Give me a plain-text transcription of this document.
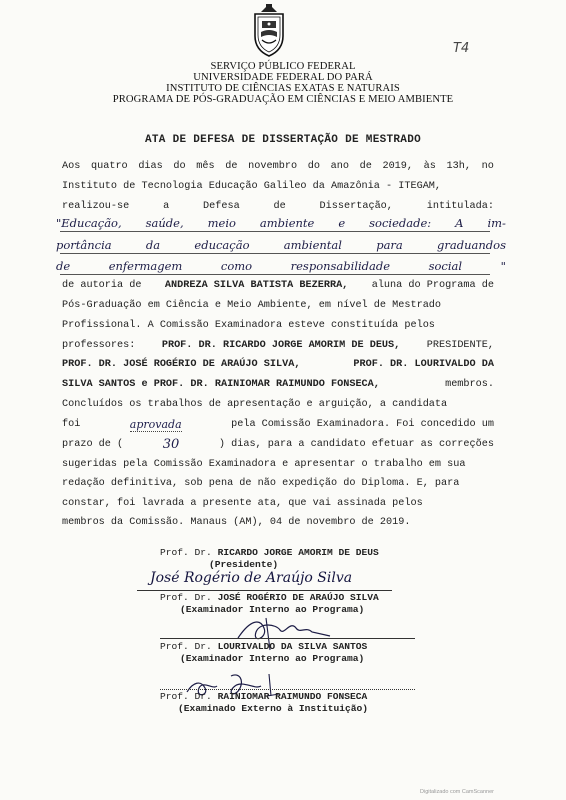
T4
SERVIÇO PÚBLICO FEDERAL
UNIVERSIDADE FEDERAL DO PARÁ
INSTITUTO DE CIÊNCIAS EXATAS E NATURAIS
PROGRAMA DE PÓS-GRADUAÇÃO EM CIÊNCIAS E MEIO AMBIENTE
ATA DE DEFESA DE DISSERTAÇÃO DE MESTRADO
Aos quatro dias do mês de novembro do ano de 2019, às 13h, no
Instituto de Tecnologia Educação Galileo da Amazônia - ITEGAM,
realizou-se	a	Defesa	de	Dissertação,	intitulada:
"Educação, saúde, meio ambiente e sociedade: A im-
portância	da	educação	ambiental	para	graduandos
de	enfermagem	como	responsabilidade	social	"
de autoria de ANDREZA SILVA BATISTA BEZERRA, aluna do Programa de
Pós-Graduação em Ciência e Meio Ambiente, em nível de Mestrado
Profissional. A Comissão Examinadora esteve constituída pelos
professores:	PROF. DR. RICARDO JORGE AMORIM DE DEUS,	PRESIDENTE,
PROF. DR. JOSÉ ROGÉRIO DE ARAÚJO SILVA,	PROF. DR. LOURIVALDO DA
SILVA SANTOS e PROF. DR. RAINIOMAR RAIMUNDO FONSECA,	membros.
Concluídos os trabalhos de apresentação e arguição, a candidata
foi	aprovada	pela Comissão Examinadora. Foi concedido um
prazo de (	30	) dias, para a candidato efetuar as correções
sugeridas pela Comissão Examinadora e apresentar o trabalho em sua
redação definitiva, sob pena de não expedição do Diploma. E, para
constar, foi lavrada a presente ata, que vai assinada pelos
membros da Comissão. Manaus (AM), 04 de novembro de 2019.
Prof. Dr. RICARDO JORGE AMORIM DE DEUS
(Presidente)
José Rogério de Araújo Silva
Prof. Dr. JOSÉ ROGÉRIO DE ARAÚJO SILVA
(Examinador Interno ao Programa)
Prof. Dr. LOURIVALDO DA SILVA SANTOS
(Examinador Interno ao Programa)
Prof. Dr. RAINIOMAR RAIMUNDO FONSECA
(Examinado Externo à Instituição)
Digitalizado com CamScanner
